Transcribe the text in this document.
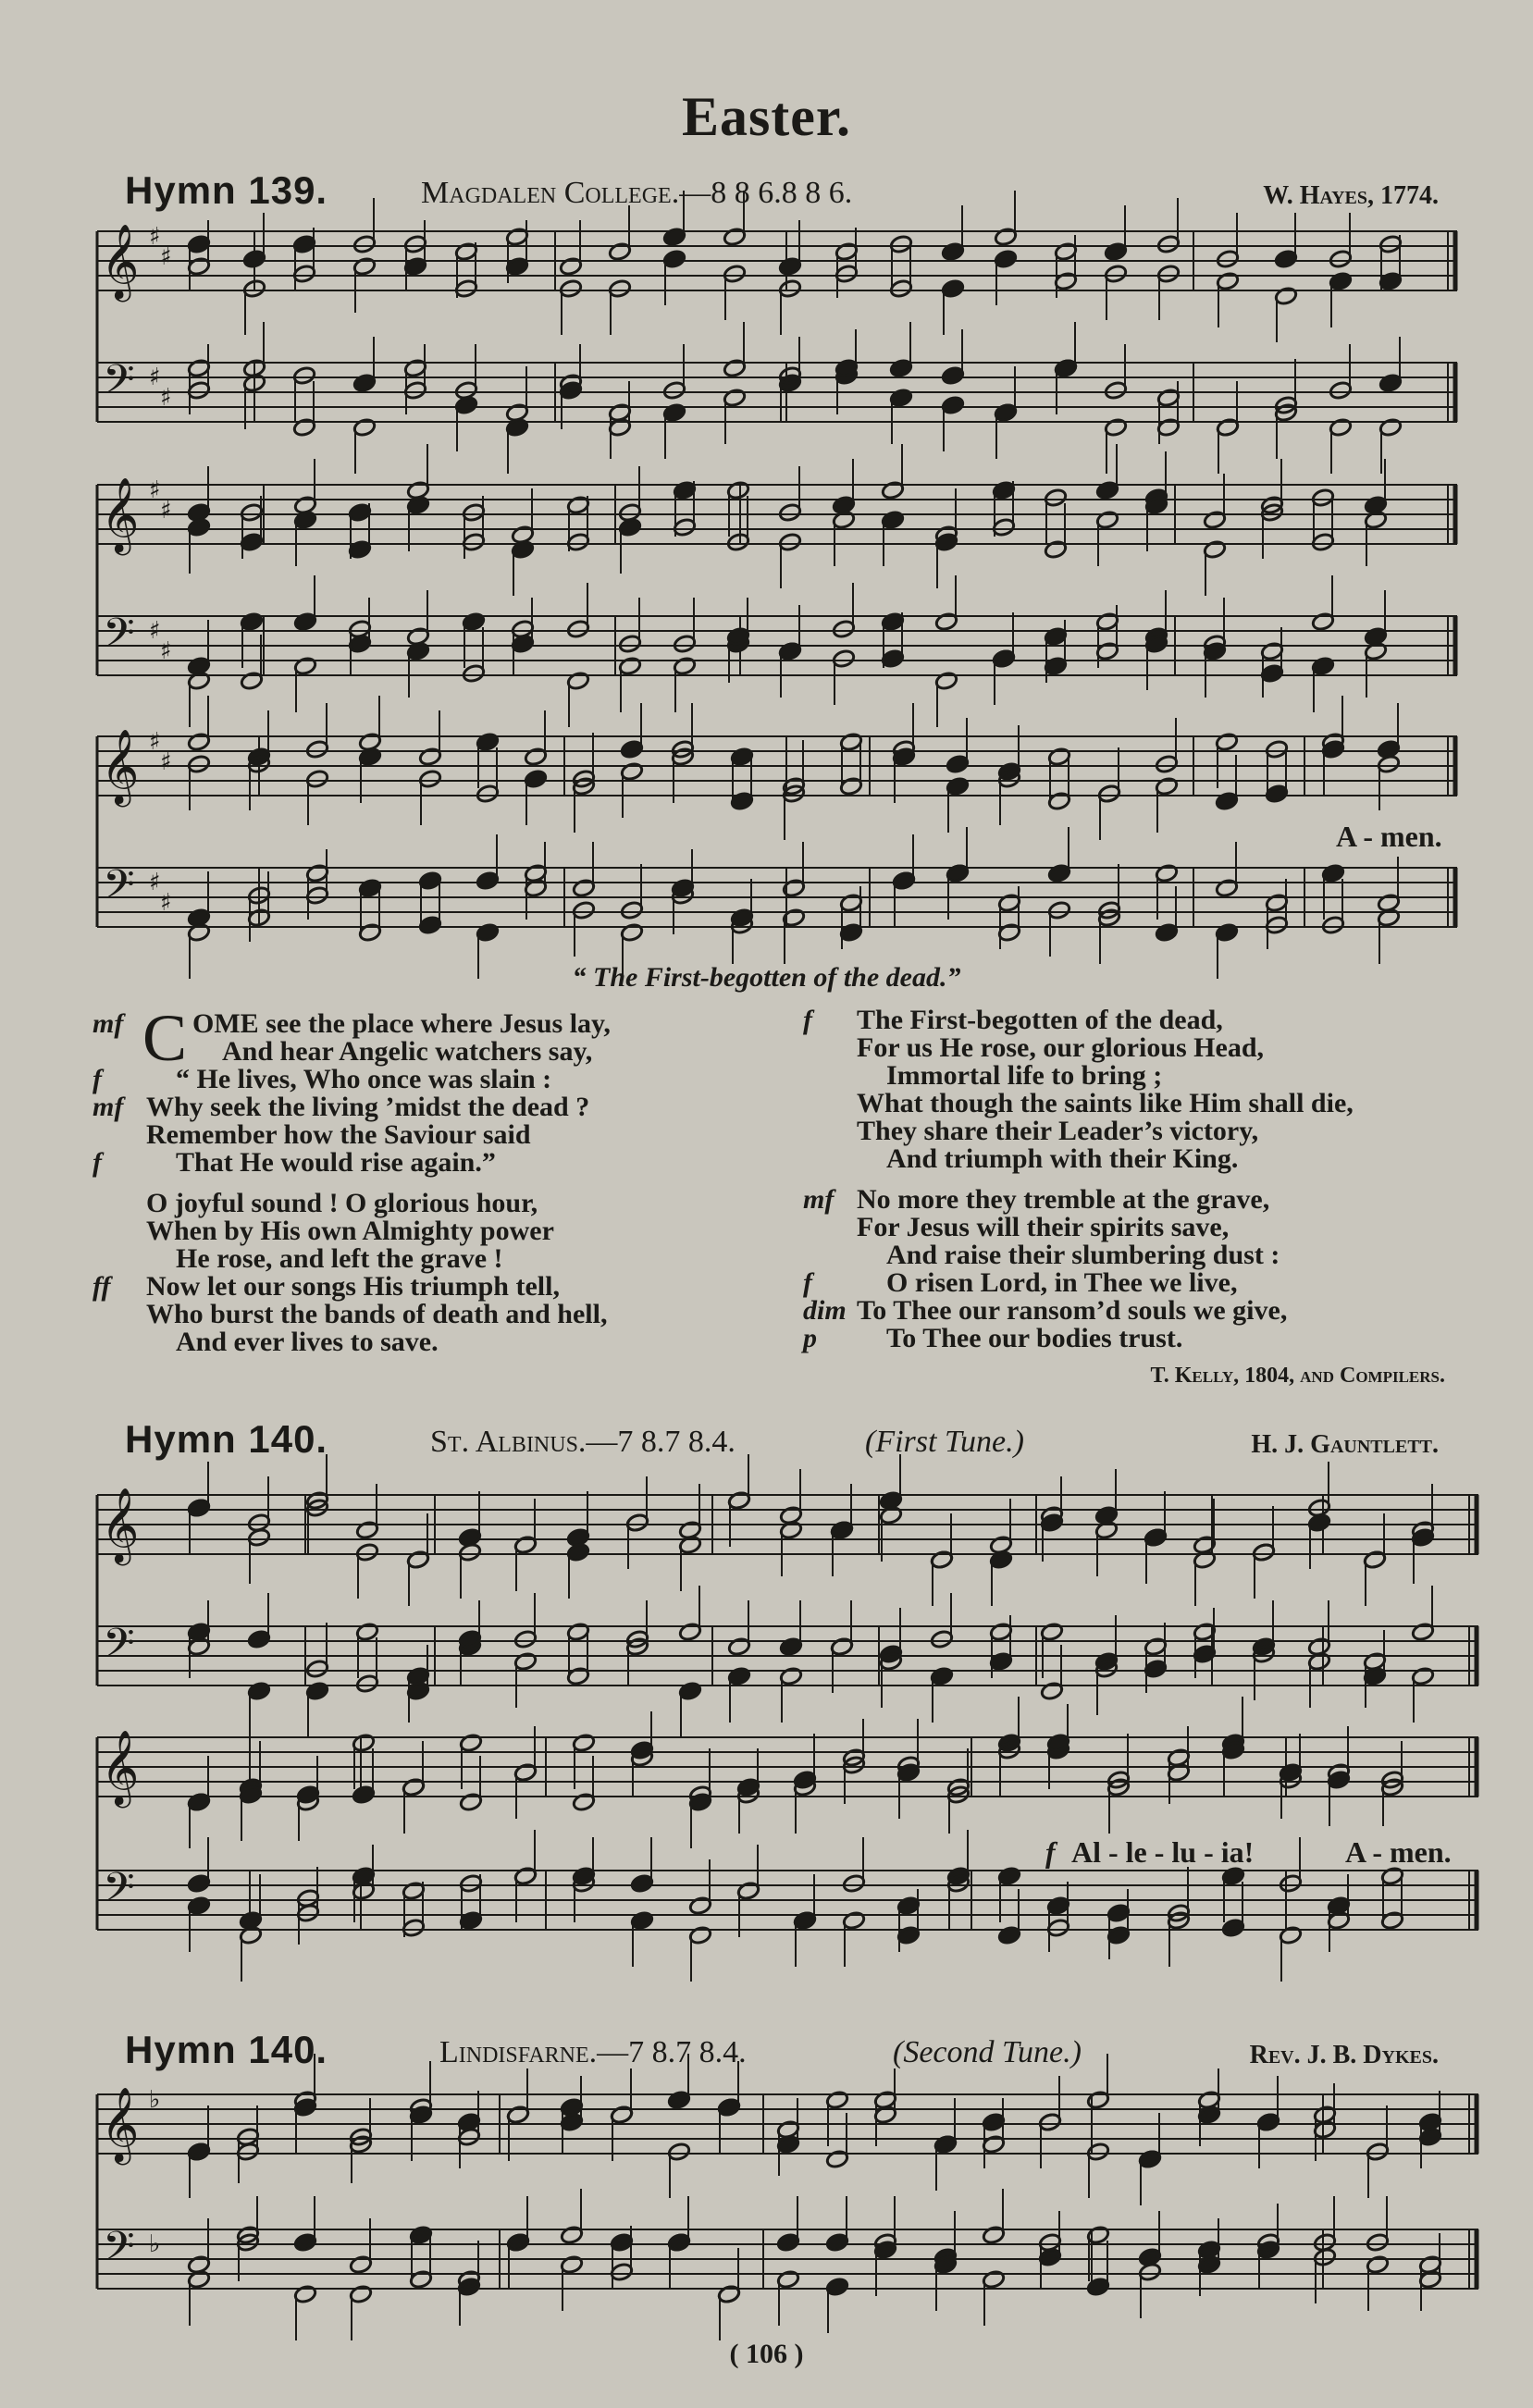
Easter.
Hymn 139.	Magdalen College.—8 8 6.8 8 6.	W. Hayes, 1774.
Hymn 140.	St. Albinus.—7 8.7 8.4.	(First Tune.)	H. J. Gauntlett.
Hymn 140.	Lindisfarne.—7 8.7 8.4.	(Second Tune.)	Rev. J. B. Dykes.
𝄞
𝄢
♯
♯
♯
♯
𝄞
𝄢
♯
♯
♯
♯
𝄞
𝄢
♯
♯
♯
♯
𝄞
𝄢
𝄞
𝄢
𝄞
𝄢
♭
♭
A - men.
f Al - le - lu - ia!	A - men.
“ The First-begotten of the dead.”
mf OME see the place where Jesus lay,
And hear Angelic watchers say,
f	“ He lives, Who once was slain :
mf Why seek the living ’midst the dead ?
Remember how the Saviour said
f	That He would rise again.”
O joyful sound ! O glorious hour,
When by His own Almighty power
He rose, and left the grave !
ff Now let our songs His triumph tell,
Who burst the bands of death and hell,
And ever lives to save.
C	f The First-begotten of the dead,
For us He rose, our glorious Head,
Immortal life to bring ;
What though the saints like Him shall die,
They share their Leader’s victory,
And triumph with their King.
mf No more they tremble at the grave,
For Jesus will their spirits save,
And raise their slumbering dust :
f	O risen Lord, in Thee we live,
dim To Thee our ransom’d souls we give,
p	To Thee our bodies trust.
T. Kelly, 1804, and Compilers.
( 106 )
